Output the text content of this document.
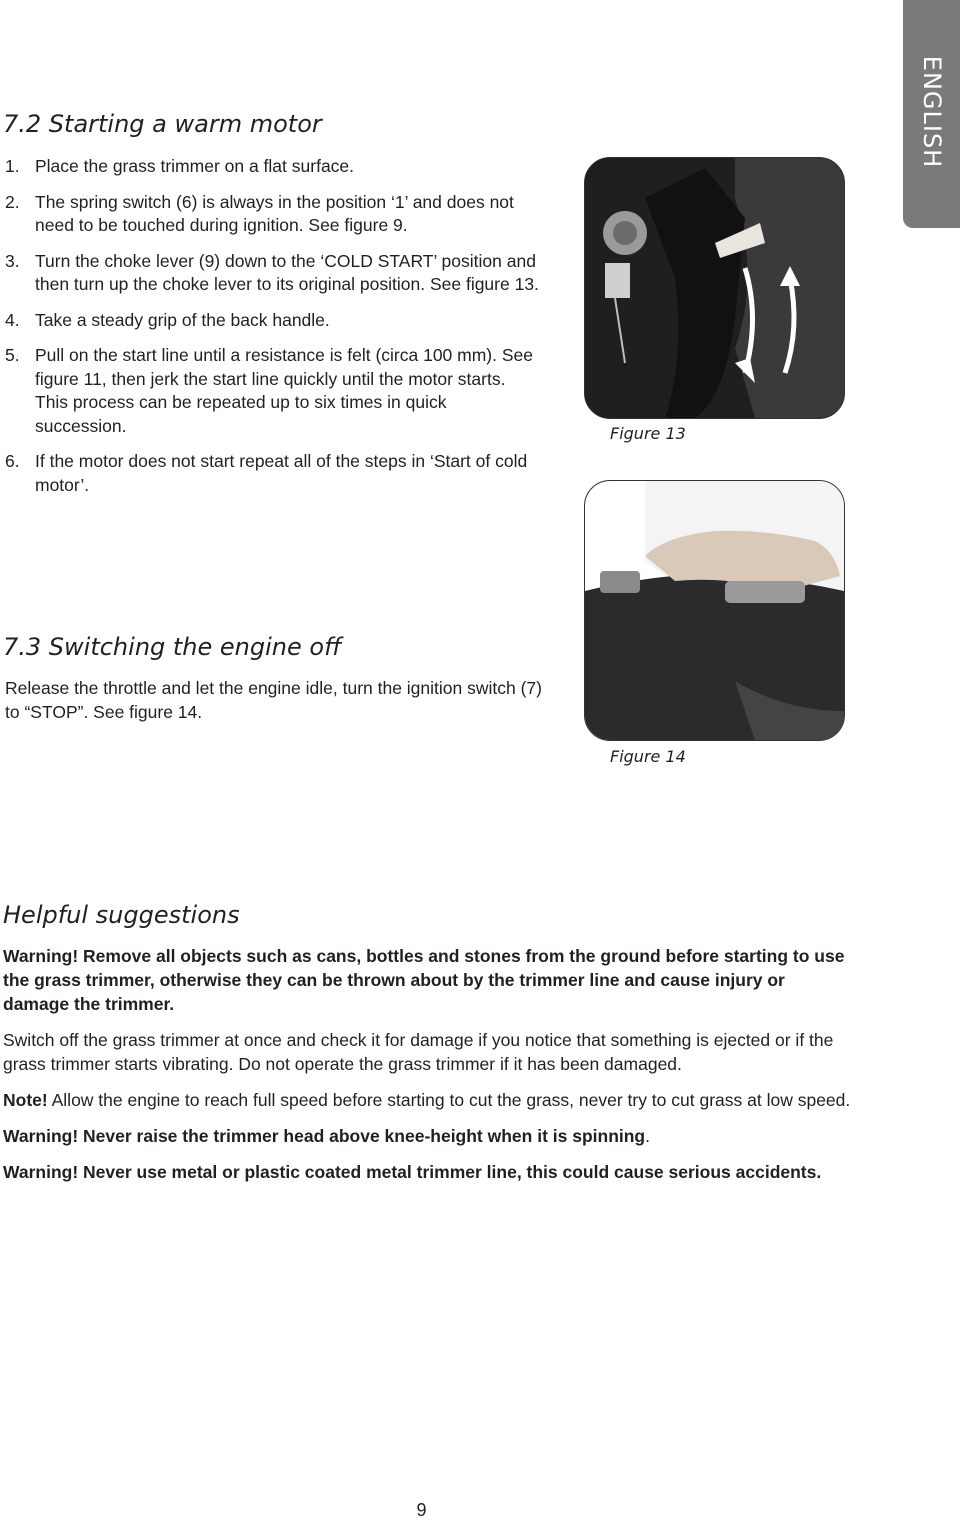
ENGLISH
7.2 Starting a warm motor
1. Place the grass trimmer on a flat surface.
2. The spring switch (6) is always in the position ‘1’ and does not need to be touched during ignition. See figure 9.
3. Turn the choke lever (9) down to the ‘COLD START’ position and then turn up the choke lever to its original position. See figure 13.
4. Take a steady grip of the back handle.
5. Pull on the start line until a resistance is felt (circa 100 mm). See figure 11, then jerk the start line quickly until the motor starts. This process can be repeated up to six times in quick succession.
6. If the motor does not start repeat all of the steps in ‘Start of cold motor’.
Figure 13
Figure 14
7.3 Switching the engine off

Release the throttle and let the engine idle, turn the ignition switch (7) to “STOP”. See figure 14.

Helpful suggestions

Warning! Remove all objects such as cans, bottles and stones from the ground before starting to use the grass trimmer, otherwise they can be thrown about by the trimmer line and cause injury or damage the trimmer.

Switch off the grass trimmer at once and check it for damage if you notice that something is ejected or if the grass trimmer starts vibrating. Do not operate the grass trimmer if it has been damaged.

Note! Allow the engine to reach full speed before starting to cut the grass, never try to cut grass at low speed.

Warning! Never raise the trimmer head above knee-height when it is spinning.

Warning! Never use metal or plastic coated metal trimmer line, this could cause serious accidents.

9
